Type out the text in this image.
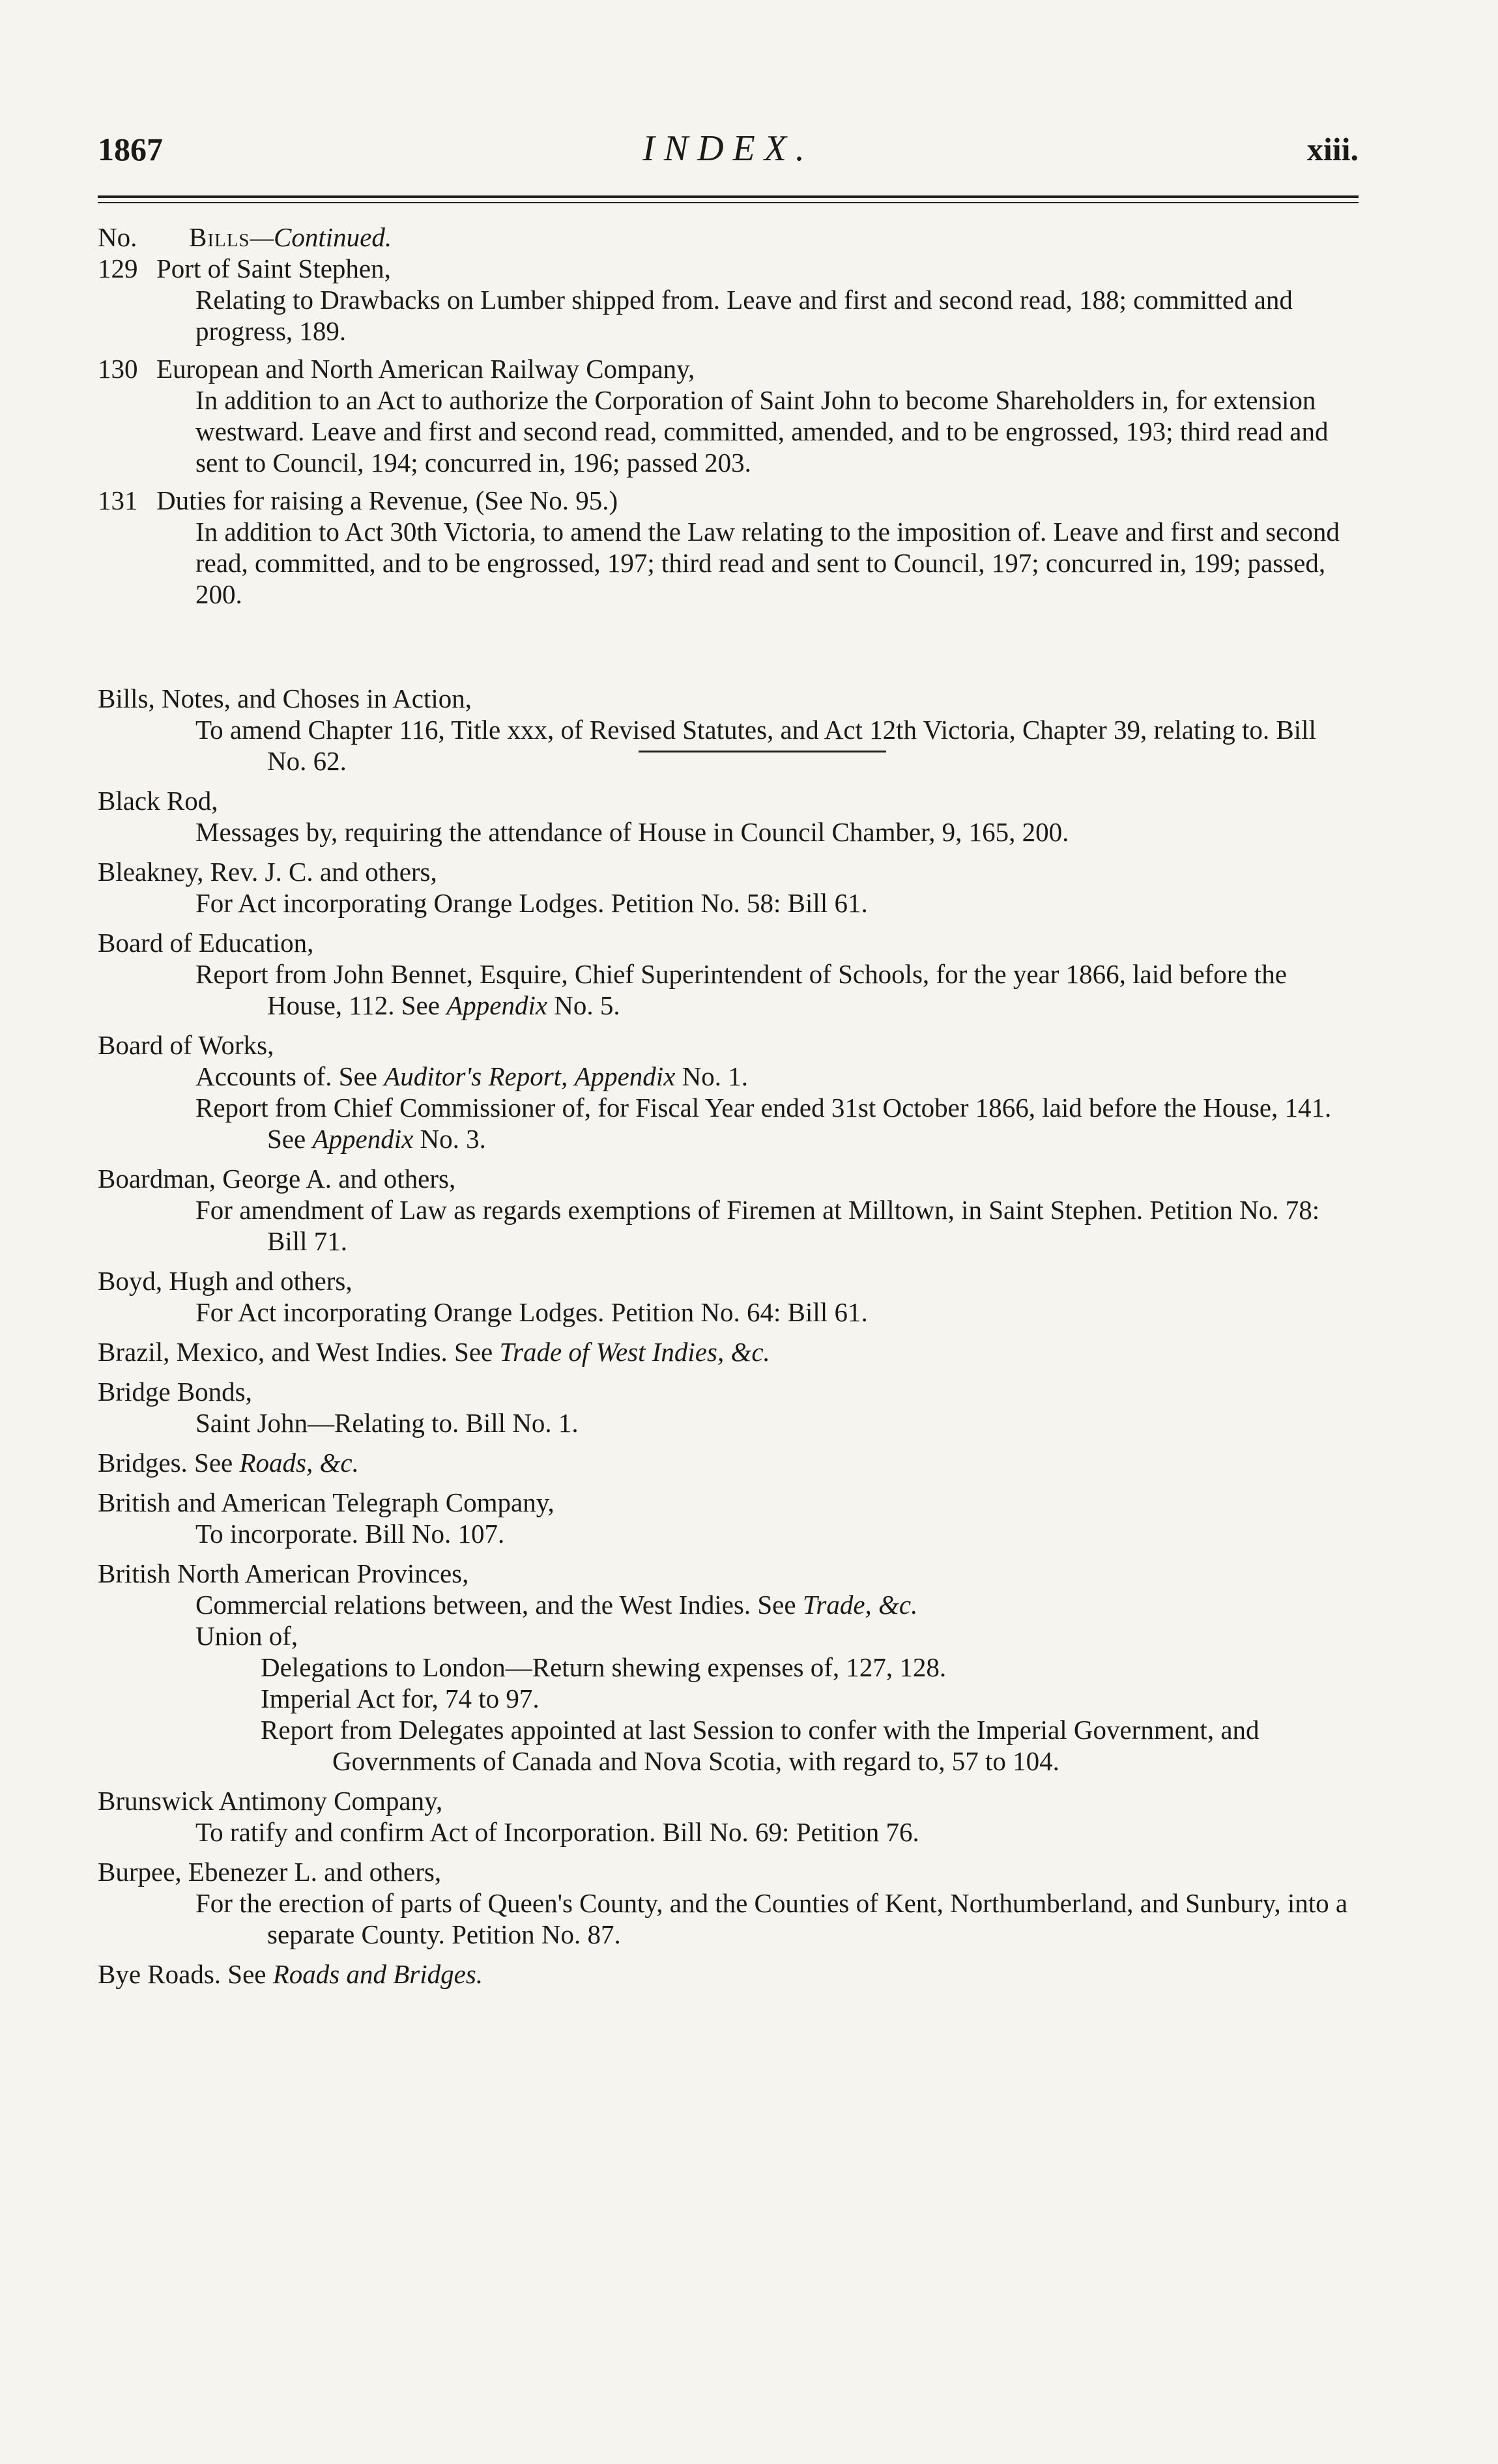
1867	INDEX.	xiii.
No. Bills—Continued.
129 Port of Saint Stephen,
Relating to Drawbacks on Lumber shipped from. Leave and first and second read, 188; committed and progress, 189.
130 European and North American Railway Company,
In addition to an Act to authorize the Corporation of Saint John to become Shareholders in, for extension westward. Leave and first and second read, committed, amended, and to be engrossed, 193; third read and sent to Council, 194; concurred in, 196; passed 203.
131 Duties for raising a Revenue, (See No. 95.)
In addition to Act 30th Victoria, to amend the Law relating to the imposition of. Leave and first and second read, committed, and to be engrossed, 197; third read and sent to Council, 197; concurred in, 199; passed, 200.
Bills, Notes, and Choses in Action,
To amend Chapter 116, Title xxx, of Revised Statutes, and Act 12th Victoria, Chapter 39, relating to. Bill No. 62.
Black Rod,
Messages by, requiring the attendance of House in Council Chamber, 9, 165, 200.
Bleakney, Rev. J. C. and others,
For Act incorporating Orange Lodges. Petition No. 58: Bill 61.
Board of Education,
Report from John Bennet, Esquire, Chief Superintendent of Schools, for the year 1866, laid before the House, 112. See Appendix No. 5.
Board of Works,
Accounts of. See Auditor's Report, Appendix No. 1.
Report from Chief Commissioner of, for Fiscal Year ended 31st October 1866, laid before the House, 141. See Appendix No. 3.
Boardman, George A. and others,
For amendment of Law as regards exemptions of Firemen at Milltown, in Saint Stephen. Petition No. 78: Bill 71.
Boyd, Hugh and others,
For Act incorporating Orange Lodges. Petition No. 64: Bill 61.
Brazil, Mexico, and West Indies. See Trade of West Indies, &c.
Bridge Bonds,
Saint John—Relating to. Bill No. 1.
Bridges. See Roads, &c.
British and American Telegraph Company,
To incorporate. Bill No. 107.
British North American Provinces,
Commercial relations between, and the West Indies. See Trade, &c.
Union of,
Delegations to London—Return shewing expenses of, 127, 128.
Imperial Act for, 74 to 97.
Report from Delegates appointed at last Session to confer with the Imperial Government, and Governments of Canada and Nova Scotia, with regard to, 57 to 104.
Brunswick Antimony Company,
To ratify and confirm Act of Incorporation. Bill No. 69: Petition 76.
Burpee, Ebenezer L. and others,
For the erection of parts of Queen's County, and the Counties of Kent, Northumberland, and Sunbury, into a separate County. Petition No. 87.
Bye Roads. See Roads and Bridges.
